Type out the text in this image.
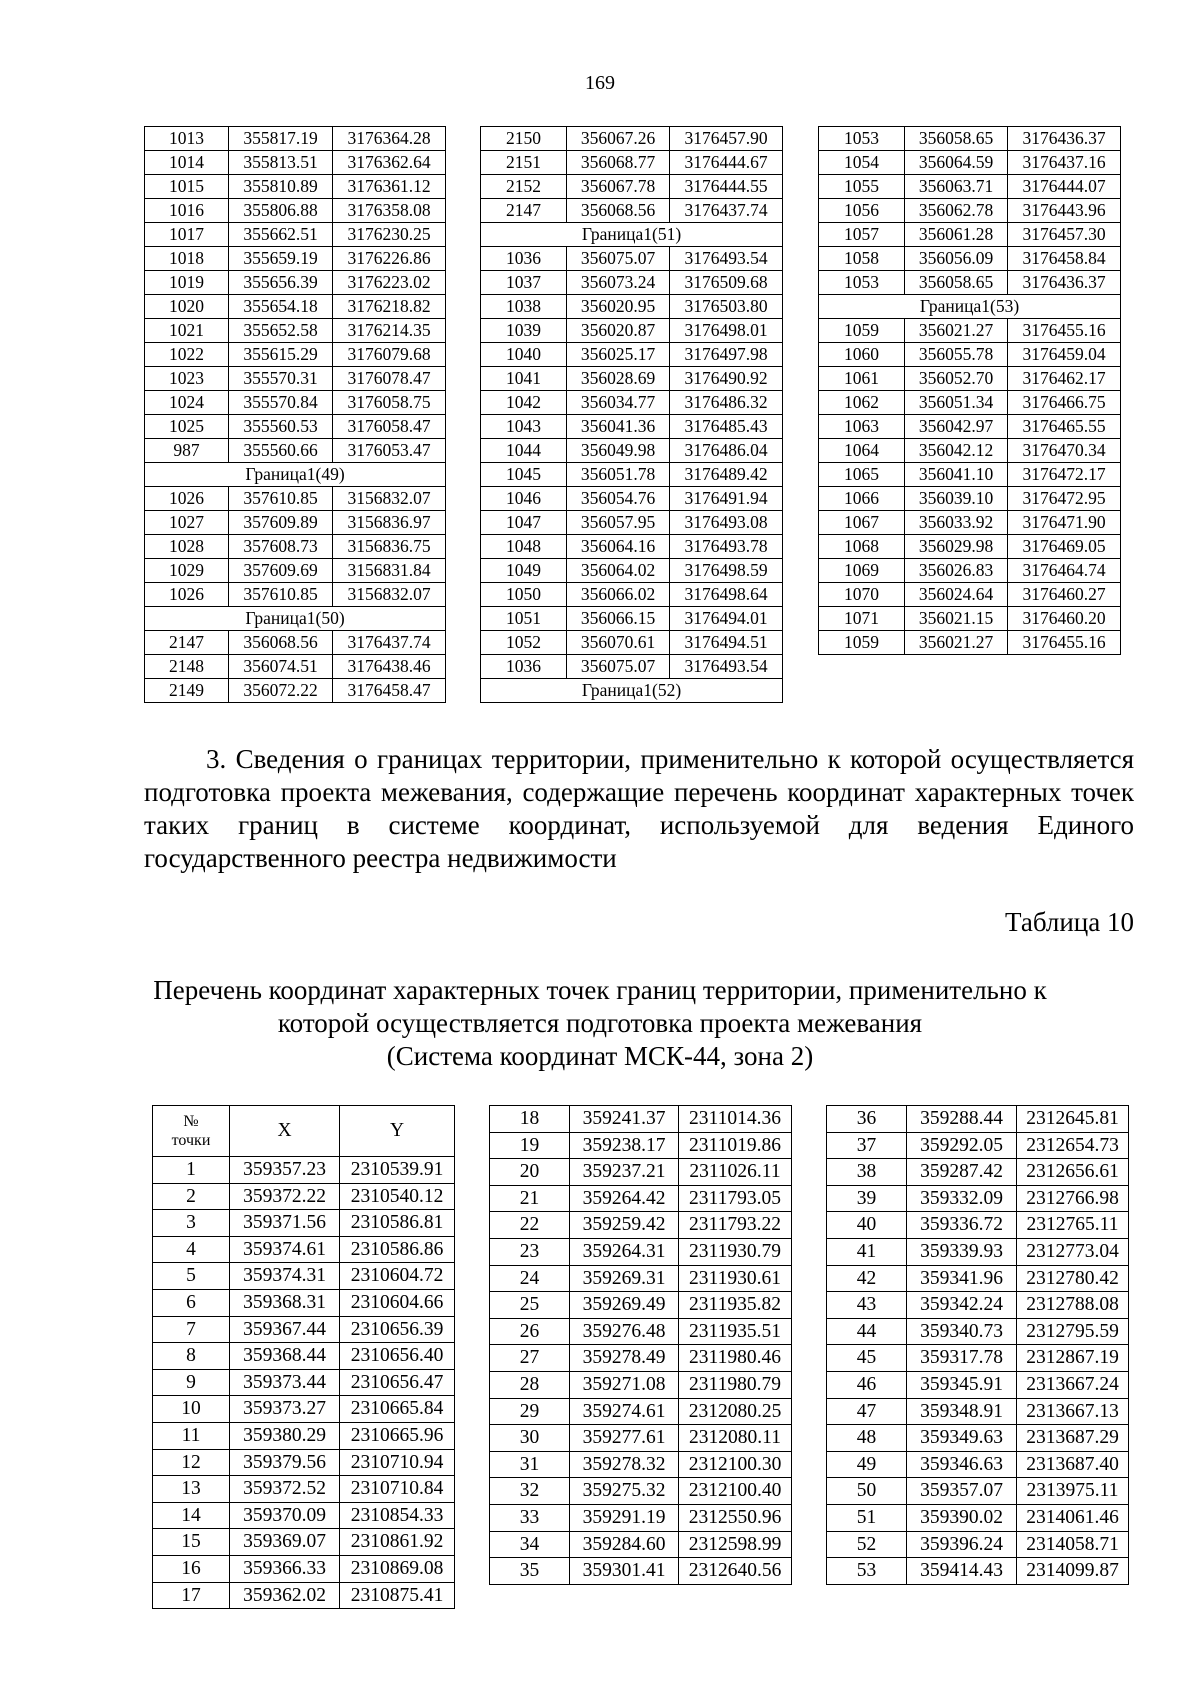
169
1013	355817.19	3176364.28
1014	355813.51	3176362.64
1015	355810.89	3176361.12
1016	355806.88	3176358.08
1017	355662.51	3176230.25
1018	355659.19	3176226.86
1019	355656.39	3176223.02
1020	355654.18	3176218.82
1021	355652.58	3176214.35
1022	355615.29	3176079.68
1023	355570.31	3176078.47
1024	355570.84	3176058.75
1025	355560.53	3176058.47
987	355560.66	3176053.47
Граница1(49)		
1026	357610.85	3156832.07
1027	357609.89	3156836.97
1028	357608.73	3156836.75
1029	357609.69	3156831.84
1026	357610.85	3156832.07
Граница1(50)		
2147	356068.56	3176437.74
2148	356074.51	3176438.46
2149	356072.22	3176458.47
2150	356067.26	3176457.90
2151	356068.77	3176444.67
2152	356067.78	3176444.55
2147	356068.56	3176437.74
Граница1(51)		
1036	356075.07	3176493.54
1037	356073.24	3176509.68
1038	356020.95	3176503.80
1039	356020.87	3176498.01
1040	356025.17	3176497.98
1041	356028.69	3176490.92
1042	356034.77	3176486.32
1043	356041.36	3176485.43
1044	356049.98	3176486.04
1045	356051.78	3176489.42
1046	356054.76	3176491.94
1047	356057.95	3176493.08
1048	356064.16	3176493.78
1049	356064.02	3176498.59
1050	356066.02	3176498.64
1051	356066.15	3176494.01
1052	356070.61	3176494.51
1036	356075.07	3176493.54
Граница1(52)		
1053	356058.65	3176436.37
1054	356064.59	3176437.16
1055	356063.71	3176444.07
1056	356062.78	3176443.96
1057	356061.28	3176457.30
1058	356056.09	3176458.84
1053	356058.65	3176436.37
Граница1(53)		
1059	356021.27	3176455.16
1060	356055.78	3176459.04
1061	356052.70	3176462.17
1062	356051.34	3176466.75
1063	356042.97	3176465.55
1064	356042.12	3176470.34
1065	356041.10	3176472.17
1066	356039.10	3176472.95
1067	356033.92	3176471.90
1068	356029.98	3176469.05
1069	356026.83	3176464.74
1070	356024.64	3176460.27
1071	356021.15	3176460.20
1059	356021.27	3176455.16
3. Сведения о границах территории, применительно к которой осуществляется подготовка проекта межевания, содержащие перечень координат характерных точек таких границ в системе координат, используемой для ведения Единого государственного реестра недвижимости
Таблица 10
Перечень координат характерных точек границ территории, применительно к
которой осуществляется подготовка проекта межевания
(Система координат МСК-44, зона 2)
№
точки	X	Y
1	359357.23	2310539.91
2	359372.22	2310540.12
3	359371.56	2310586.81
4	359374.61	2310586.86
5	359374.31	2310604.72
6	359368.31	2310604.66
7	359367.44	2310656.39
8	359368.44	2310656.40
9	359373.44	2310656.47
10	359373.27	2310665.84
11	359380.29	2310665.96
12	359379.56	2310710.94
13	359372.52	2310710.84
14	359370.09	2310854.33
15	359369.07	2310861.92
16	359366.33	2310869.08
17	359362.02	2310875.41
18	359241.37	2311014.36
19	359238.17	2311019.86
20	359237.21	2311026.11
21	359264.42	2311793.05
22	359259.42	2311793.22
23	359264.31	2311930.79
24	359269.31	2311930.61
25	359269.49	2311935.82
26	359276.48	2311935.51
27	359278.49	2311980.46
28	359271.08	2311980.79
29	359274.61	2312080.25
30	359277.61	2312080.11
31	359278.32	2312100.30
32	359275.32	2312100.40
33	359291.19	2312550.96
34	359284.60	2312598.99
35	359301.41	2312640.56
36	359288.44	2312645.81
37	359292.05	2312654.73
38	359287.42	2312656.61
39	359332.09	2312766.98
40	359336.72	2312765.11
41	359339.93	2312773.04
42	359341.96	2312780.42
43	359342.24	2312788.08
44	359340.73	2312795.59
45	359317.78	2312867.19
46	359345.91	2313667.24
47	359348.91	2313667.13
48	359349.63	2313687.29
49	359346.63	2313687.40
50	359357.07	2313975.11
51	359390.02	2314061.46
52	359396.24	2314058.71
53	359414.43	2314099.87
